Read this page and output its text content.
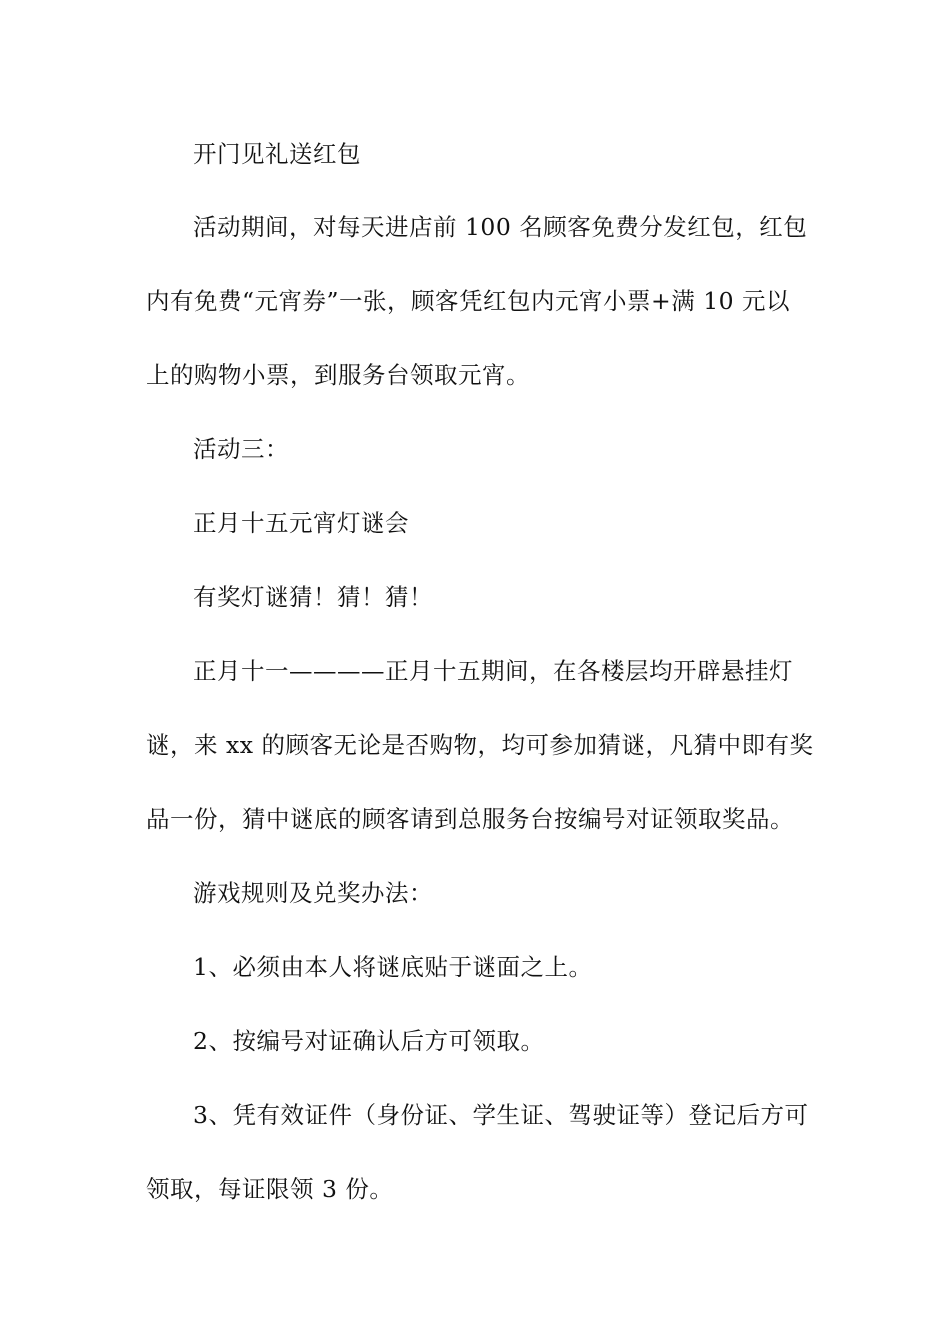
开门见礼送红包
活动期间，对每天进店前 100 名顾客免费分发红包，红包
内有免费“元宵券”一张，顾客凭红包内元宵小票+满 10 元以
上的购物小票，到服务台领取元宵。
活动三：
正月十五元宵灯谜会
有奖灯谜猜！猜！猜！
正月十一————正月十五期间，在各楼层均开辟悬挂灯
谜，来 xx 的顾客无论是否购物，均可参加猜谜，凡猜中即有奖
品一份，猜中谜底的顾客请到总服务台按编号对证领取奖品。
游戏规则及兑奖办法：
1、必须由本人将谜底贴于谜面之上。
2、按编号对证确认后方可领取。
3、凭有效证件（身份证、学生证、驾驶证等）登记后方可
领取，每证限领 3 份。
